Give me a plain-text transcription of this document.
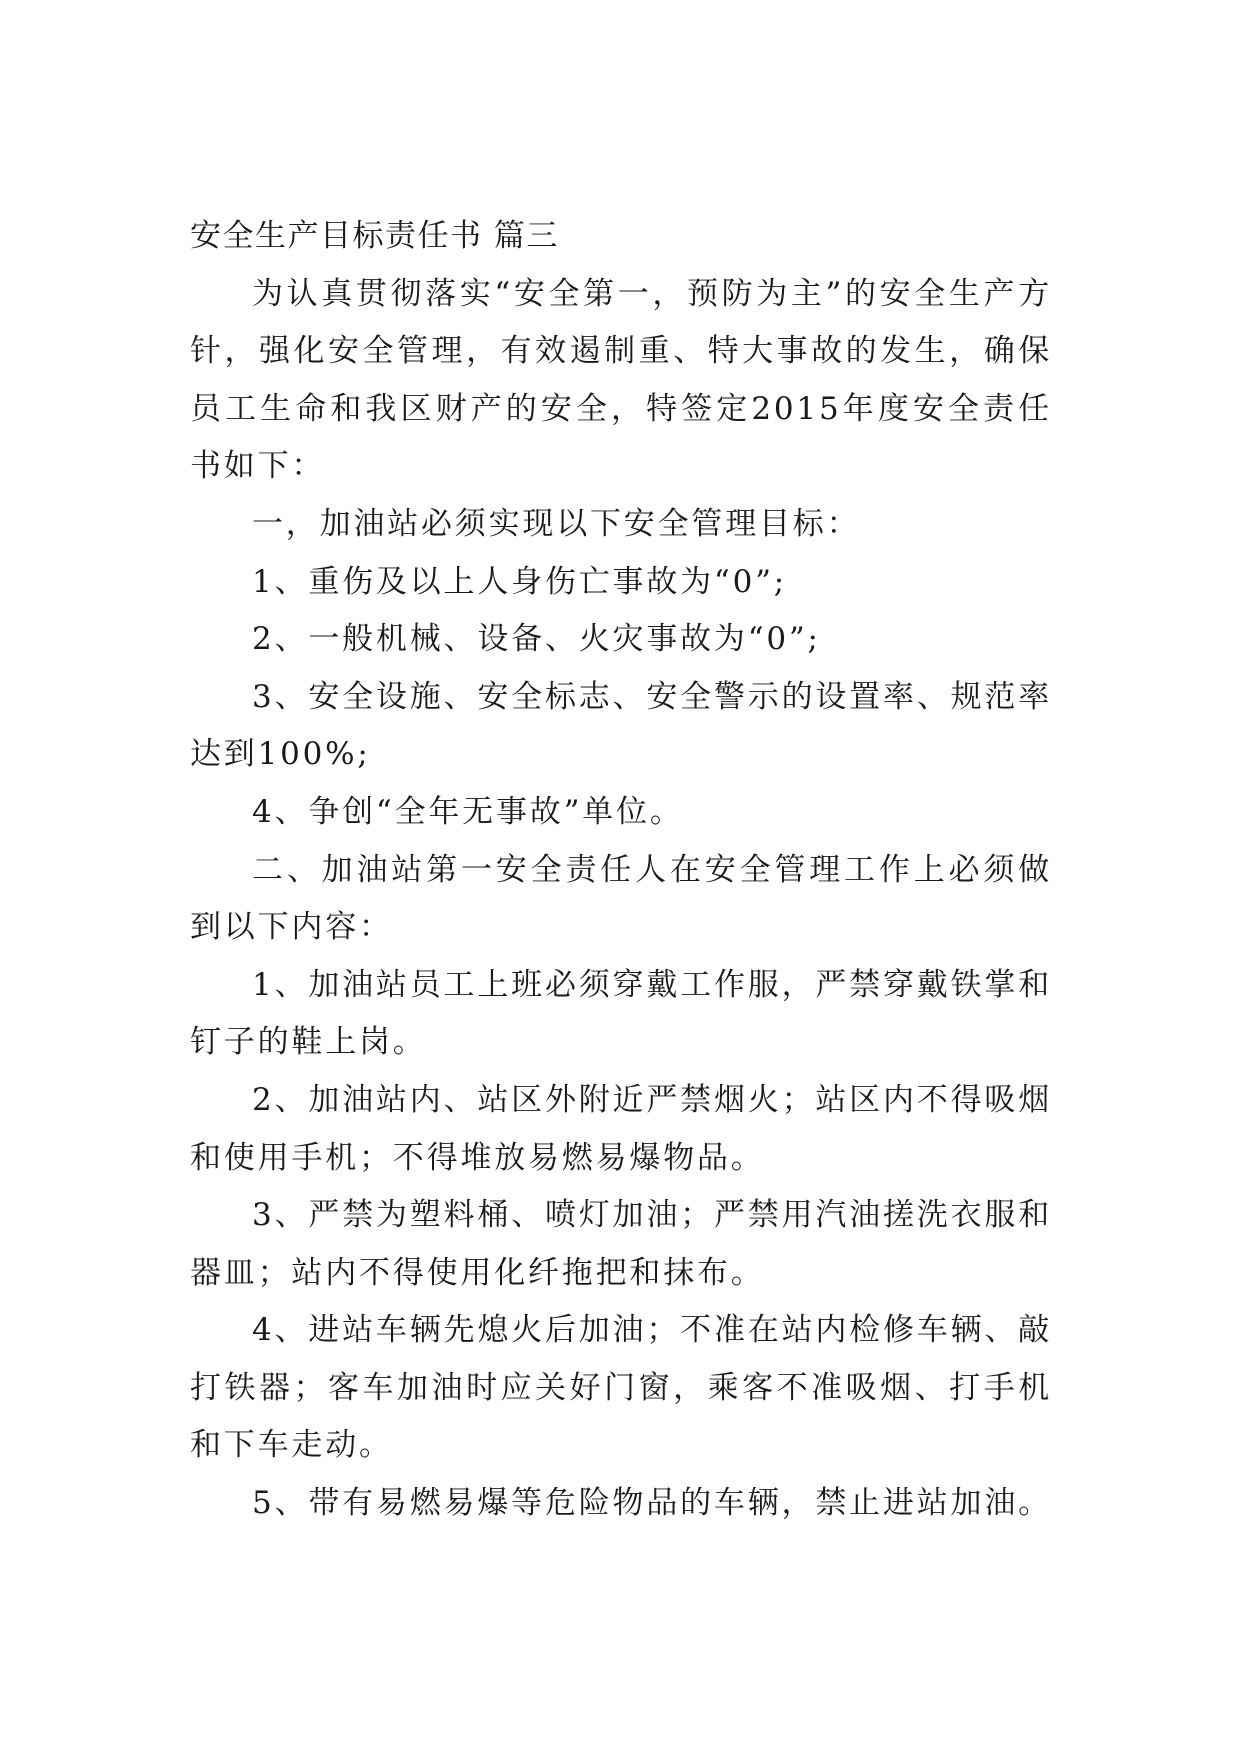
安全生产目标责任书 篇三

为认真贯彻落实“安全第一，预防为主”的安全生产方针，强化安全管理，有效遏制重、特大事故的发生，确保员工生命和我区财产的安全，特签定2015年度安全责任书如下：

一，加油站必须实现以下安全管理目标：

1、重伤及以上人身伤亡事故为“0”;

2、一般机械、设备、火灾事故为“0”;

3、安全设施、安全标志、安全警示的设置率、规范率达到100%;

4、争创“全年无事故”单位。

二、加油站第一安全责任人在安全管理工作上必须做到以下内容：

1、加油站员工上班必须穿戴工作服，严禁穿戴铁掌和钉子的鞋上岗。

2、加油站内、站区外附近严禁烟火；站区内不得吸烟和使用手机；不得堆放易燃易爆物品。

3、严禁为塑料桶、喷灯加油；严禁用汽油搓洗衣服和器皿；站内不得使用化纤拖把和抹布。

4、进站车辆先熄火后加油；不准在站内检修车辆、敲打铁器；客车加油时应关好门窗，乘客不准吸烟、打手机和下车走动。

5、带有易燃易爆等危险物品的车辆，禁止进站加油。
